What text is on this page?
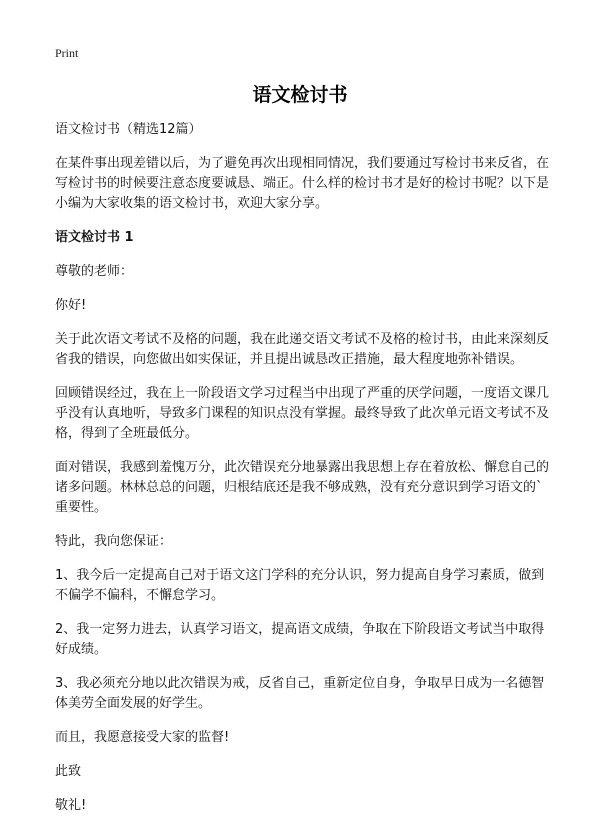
Print
语文检讨书

语文检讨书（精选12篇）

在某件事出现差错以后，为了避免再次出现相同情况，我们要通过写检讨书来反省，在写检讨书的时候要注意态度要诚恳、端正。什么样的检讨书才是好的检讨书呢？以下是小编为大家收集的语文检讨书，欢迎大家分享。

语文检讨书 1

尊敬的老师：

你好!

关于此次语文考试不及格的问题，我在此递交语文考试不及格的检讨书，由此来深刻反省我的错误，向您做出如实保证，并且提出诚恳改正措施，最大程度地弥补错误。

回顾错误经过，我在上一阶段语文学习过程当中出现了严重的厌学问题，一度语文课几乎没有认真地听，导致多门课程的知识点没有掌握。最终导致了此次单元语文考试不及格，得到了全班最低分。

面对错误，我感到羞愧万分，此次错误充分地暴露出我思想上存在着放松、懈怠自己的诸多问题。林林总总的问题，归根结底还是我不够成熟，没有充分意识到学习语文的`重要性。

特此，我向您保证：

1、我今后一定提高自己对于语文这门学科的充分认识，努力提高自身学习素质，做到不偏学不偏科，不懈怠学习。

2、我一定努力进去，认真学习语文，提高语文成绩，争取在下阶段语文考试当中取得好成绩。

3、我必须充分地以此次错误为戒，反省自己，重新定位自身，争取早日成为一名德智体美劳全面发展的好学生。

而且，我愿意接受大家的监督!

此致

敬礼!
